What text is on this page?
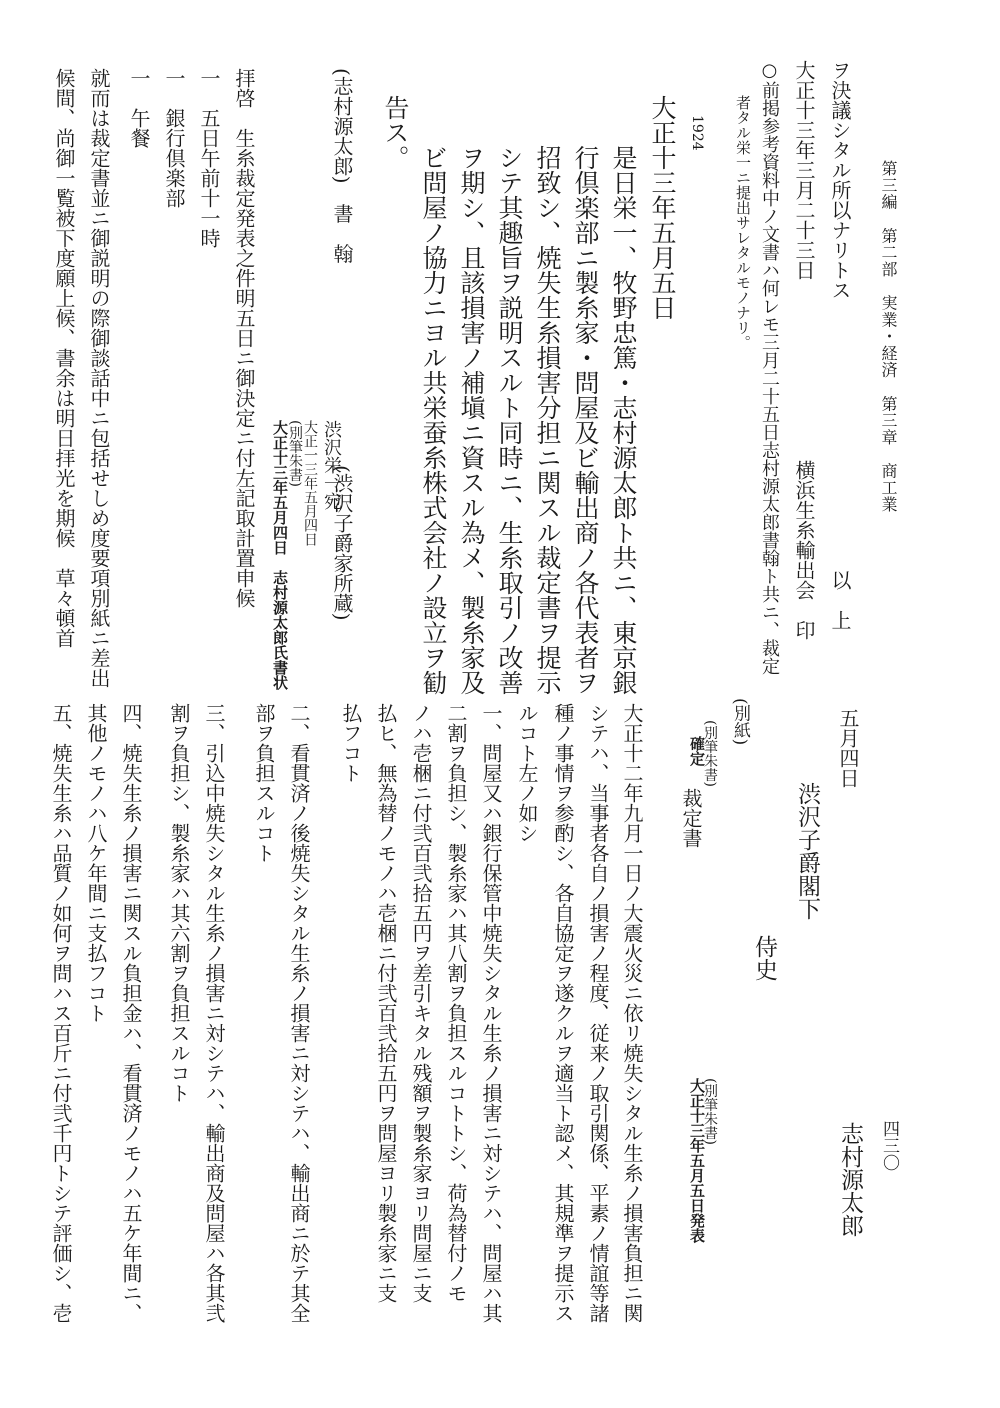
第三編　第二部　実業・経済　第三章　商工業
四三〇
ヲ決議シタル所以ナリトス
大正十三年三月二十三日
横浜生糸輸出会　印 以　上
○前掲参考資料中ノ文書ハ何レモ三月二十五日志村源太郎書翰ト共ニ、裁定
者タル栄一ニ提出サレタルモノナリ。
1924
大正十三年五月五日
是日栄一、牧野忠篤・志村源太郎ト共ニ、東京銀
行倶楽部ニ製糸家・問屋及ビ輸出商ノ各代表者ヲ
招致シ、焼失生糸損害分担ニ関スル裁定書ヲ提示
シテ其趣旨ヲ説明スルト同時ニ、生糸取引ノ改善
ヲ期シ、且該損害ノ補塡ニ資スル為メ、製糸家及
ビ問屋ノ協力ニヨル共栄蚕糸株式会社ノ設立ヲ勧
告ス。
(志村源太郎)　書　翰
(渋沢子爵家所蔵)
渋沢栄一宛
大正一三年五月四日
(別筆朱書)
大正十三年五月四日　志村源太郎氏書状
拝啓　生糸裁定発表之件明五日ニ御決定ニ付左記取計置申候
一　五日午前十一時
一　銀行倶楽部
一　午餐
就而は裁定書並ニ御説明の際御談話中ニ包括せしめ度要項別紙ニ差出
候間、尚御一覧被下度願上候、書余は明日拝光を期候　草々頓首
五月四日
志村源太郎
渋沢子爵閣下
侍史
(別紙)
(別筆朱書)
確定
裁定書
(別筆朱書)
大正十三年五月五日発表
大正十二年九月一日ノ大震火災ニ依リ焼失シタル生糸ノ損害負担ニ関
シテハ、当事者各自ノ損害ノ程度、従来ノ取引関係、平素ノ情誼等諸
種ノ事情ヲ参酌シ、各自協定ヲ遂クルヲ適当ト認メ、其規準ヲ提示ス
ルコト左ノ如シ
一、問屋又ハ銀行保管中焼失シタル生糸ノ損害ニ対シテハ、問屋ハ其
二割ヲ負担シ、製糸家ハ其八割ヲ負担スルコトトシ、荷為替付ノモ
ノハ壱梱ニ付弐百弐拾五円ヲ差引キタル残額ヲ製糸家ヨリ問屋ニ支
払ヒ、無為替ノモノハ壱梱ニ付弐百弐拾五円ヲ問屋ヨリ製糸家ニ支
払フコト
二、看貫済ノ後焼失シタル生糸ノ損害ニ対シテハ、輸出商ニ於テ其全
部ヲ負担スルコト
三、引込中焼失シタル生糸ノ損害ニ対シテハ、輸出商及問屋ハ各其弐
割ヲ負担シ、製糸家ハ其六割ヲ負担スルコト
四、焼失生糸ノ損害ニ関スル負担金ハ、看貫済ノモノハ五ケ年間ニ、
其他ノモノハ八ケ年間ニ支払フコト
五、焼失生糸ハ品質ノ如何ヲ問ハス百斤ニ付弐千円トシテ評価シ、壱
